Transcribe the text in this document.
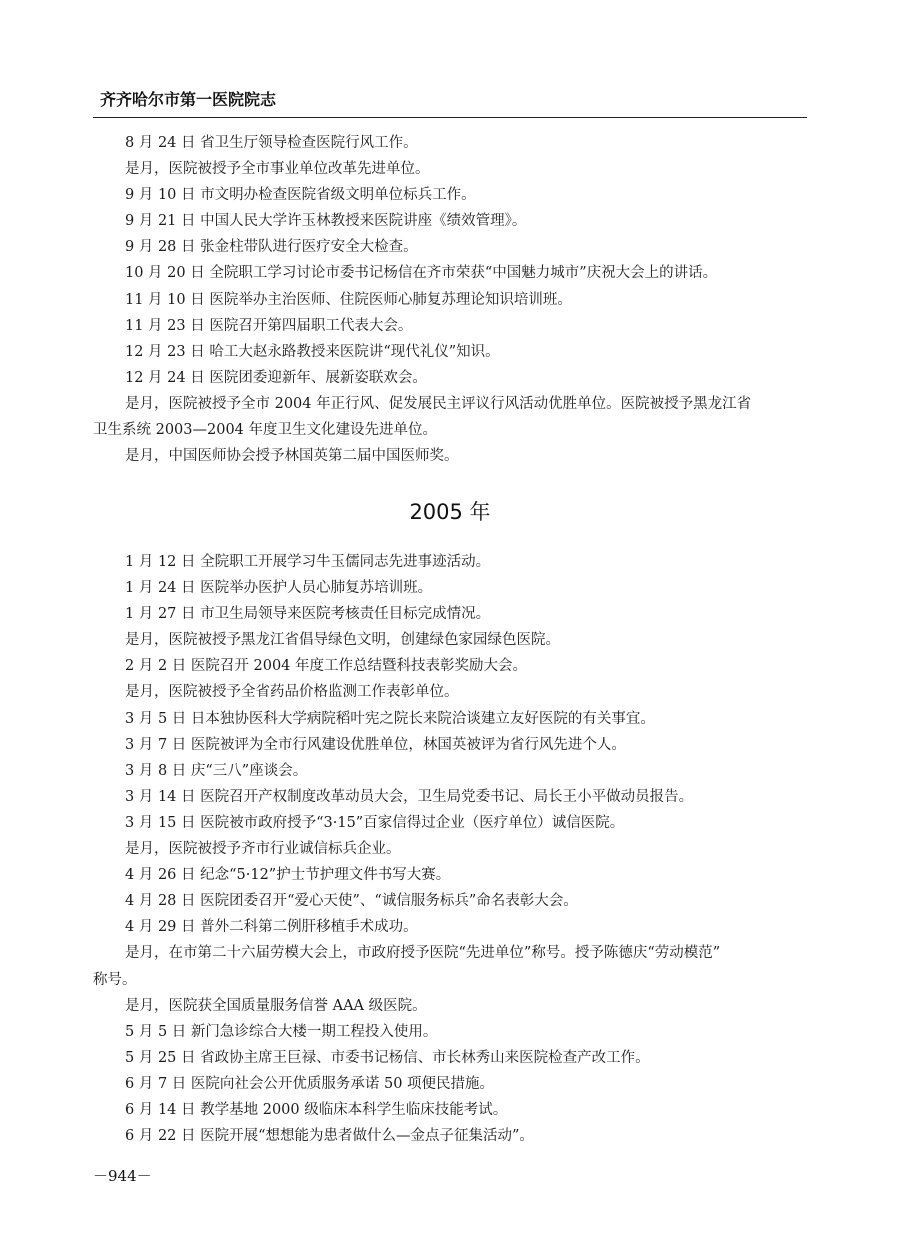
齐齐哈尔市第一医院院志

8 月 24 日 省卫生厅领导检查医院行风工作。

是月，医院被授予全市事业单位改革先进单位。

9 月 10 日 市文明办检查医院省级文明单位标兵工作。

9 月 21 日 中国人民大学许玉林教授来医院讲座《绩效管理》。

9 月 28 日 张金柱带队进行医疗安全大检查。

10 月 20 日 全院职工学习讨论市委书记杨信在齐市荣获“中国魅力城市”庆祝大会上的讲话。

11 月 10 日 医院举办主治医师、住院医师心肺复苏理论知识培训班。

11 月 23 日 医院召开第四届职工代表大会。

12 月 23 日 哈工大赵永路教授来医院讲“现代礼仪”知识。

12 月 24 日 医院团委迎新年、展新姿联欢会。

是月，医院被授予全市 2004 年正行风、促发展民主评议行风活动优胜单位。医院被授予黑龙江省

卫生系统 2003—2004 年度卫生文化建设先进单位。

是月，中国医师协会授予林国英第二届中国医师奖。

2005 年

1 月 12 日 全院职工开展学习牛玉儒同志先进事迹活动。

1 月 24 日 医院举办医护人员心肺复苏培训班。

1 月 27 日 市卫生局领导来医院考核责任目标完成情况。

是月，医院被授予黑龙江省倡导绿色文明，创建绿色家园绿色医院。

2 月 2 日 医院召开 2004 年度工作总结暨科技表彰奖励大会。

是月，医院被授予全省药品价格监测工作表彰单位。

3 月 5 日 日本独协医科大学病院稻叶宪之院长来院洽谈建立友好医院的有关事宜。

3 月 7 日 医院被评为全市行风建设优胜单位，林国英被评为省行风先进个人。

3 月 8 日 庆“三八”座谈会。

3 月 14 日 医院召开产权制度改革动员大会，卫生局党委书记、局长王小平做动员报告。

3 月 15 日 医院被市政府授予“3·15”百家信得过企业（医疗单位）诚信医院。

是月，医院被授予齐市行业诚信标兵企业。

4 月 26 日 纪念“5·12”护士节护理文件书写大赛。

4 月 28 日 医院团委召开“爱心天使”、“诚信服务标兵”命名表彰大会。

4 月 29 日 普外二科第二例肝移植手术成功。

是月，在市第二十六届劳模大会上，市政府授予医院“先进单位”称号。授予陈德庆“劳动模范”

称号。

是月，医院获全国质量服务信誉 AAA 级医院。

5 月 5 日 新门急诊综合大楼一期工程投入使用。

5 月 25 日 省政协主席王巨禄、市委书记杨信、市长林秀山来医院检查产改工作。

6 月 7 日 医院向社会公开优质服务承诺 50 项便民措施。

6 月 14 日 教学基地 2000 级临床本科学生临床技能考试。

6 月 22 日 医院开展“想想能为患者做什么—金点子征集活动”。

－944－
